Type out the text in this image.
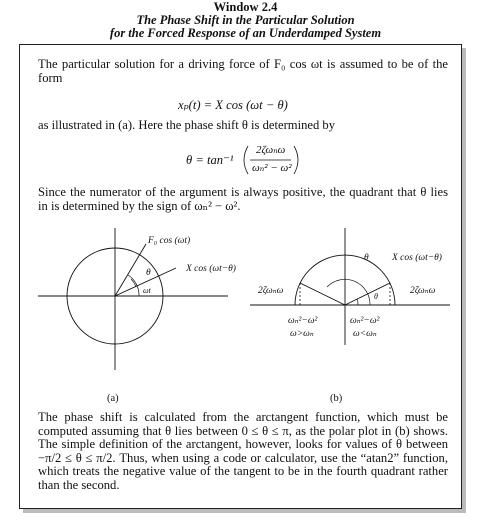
Window 2.4
The Phase Shift in the Particular Solution
for the Forced Response of an Underdamped System
The particular solution for a driving force of F₀ cos ωt is assumed to be of the form
xₚ(t) = X cos (ωt − θ)
as illustrated in (a). Here the phase shift θ is determined by
θ = tan⁻¹
2ζωₙω
ωₙ² − ω²
Since the numerator of the argument is always positive, the quadrant that θ lies in is determined by the sign of ωₙ² − ω².
F₀ cos (ωt)
X cos (ωt−θ)
θ
ωt	2ζωₙω
ωₙ²−ω²
ω>ωₙ
θ X cos (ωt−θ)
2ζωₙω
ωₙ²−ω²
ω<ωₙ
θ
(a)	(b)
The phase shift is calculated from the arctangent function, which must be computed assuming that θ lies between 0 ≤ θ ≤ π, as the polar plot in (b) shows. The simple definition of the arctangent, however, looks for values of θ between −π/2 ≤ θ ≤ π/2. Thus, when using a code or calculator, use the “atan2” function, which treats the negative value of the tangent to be in the fourth quadrant rather than the second.
